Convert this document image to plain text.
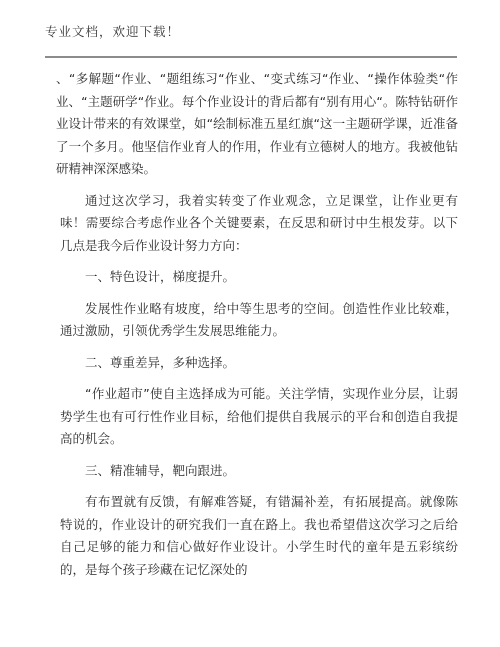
专业文档，欢迎下载！

、“多解题“作业、“题组练习“作业、“变式练习“作业、“操作体验类“作业、“主题研学“作业。每个作业设计的背后都有“别有用心“。陈特钻研作业设计带来的有效课堂，如“绘制标准五星红旗“这一主题研学课，近准备了一个多月。他坚信作业育人的作用，作业有立德树人的地方。我被他钻研精神深深感染。

通过这次学习，我着实转变了作业观念，立足课堂，让作业更有味！需要综合考虑作业各个关键要素，在反思和研讨中生根发芽。以下几点是我今后作业设计努力方向：

一、特色设计，梯度提升。

发展性作业略有坡度，给中等生思考的空间。创造性作业比较难，通过激励，引领优秀学生发展思维能力。

二、尊重差异，多种选择。

“作业超市”使自主选择成为可能。关注学情，实现作业分层，让弱势学生也有可行性作业目标，给他们提供自我展示的平台和创造自我提高的机会。

三、精准辅导，靶向跟进。

有布置就有反馈，有解难答疑，有错漏补差，有拓展提高。就像陈特说的，作业设计的研究我们一直在路上。我也希望借这次学习之后给自己足够的能力和信心做好作业设计。小学生时代的童年是五彩缤纷的，是每个孩子珍藏在记忆深处的
